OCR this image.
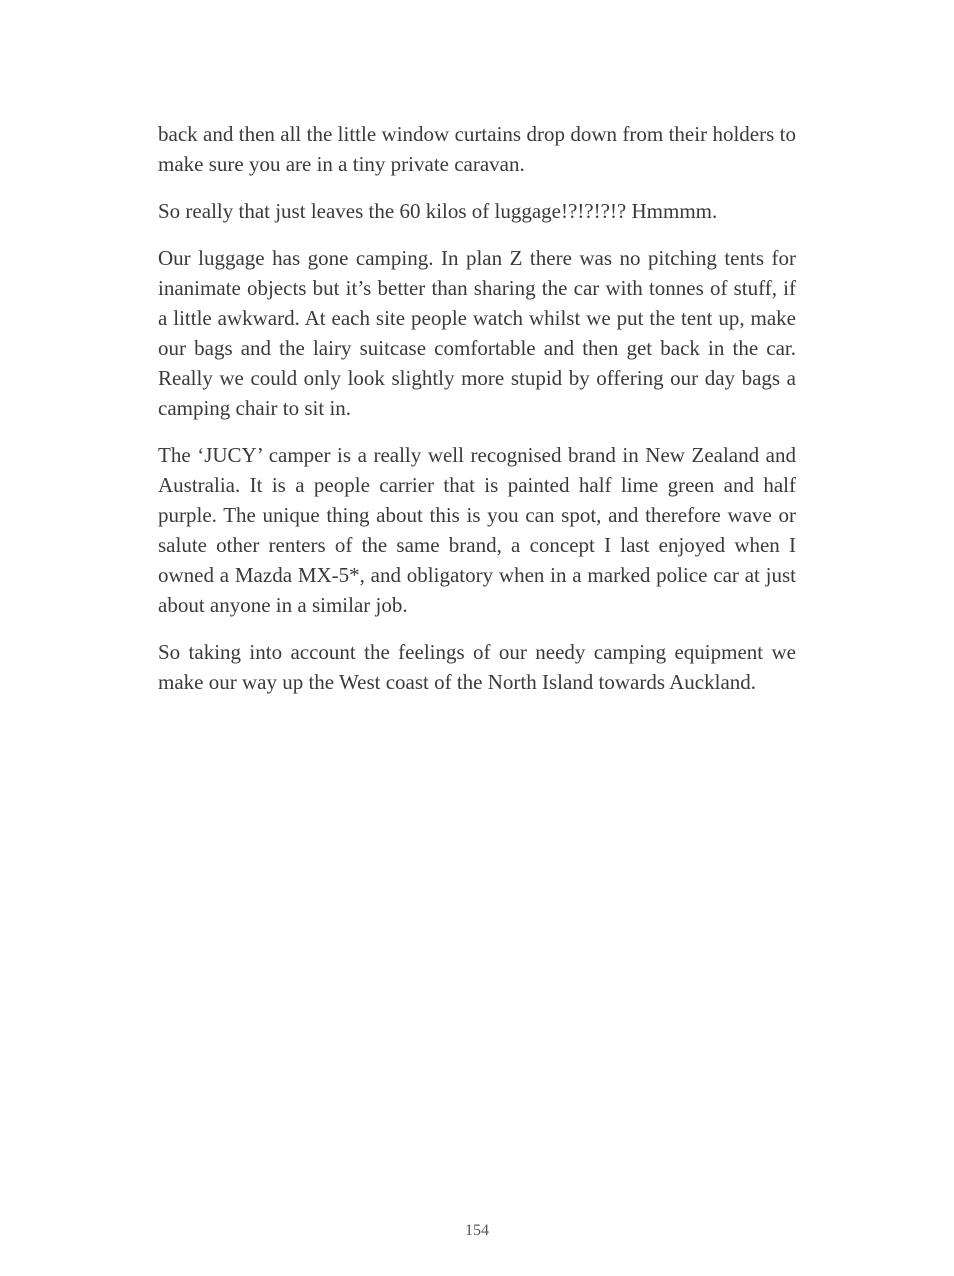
back and then all the little window curtains drop down from their holders to make sure you are in a tiny private caravan.

So really that just leaves the 60 kilos of luggage!?!?!?!? Hmmmm.

Our luggage has gone camping. In plan Z there was no pitching tents for inanimate objects but it’s better than sharing the car with tonnes of stuff, if a little awkward. At each site people watch whilst we put the tent up, make our bags and the lairy suitcase comfortable and then get back in the car. Really we could only look slightly more stupid by offering our day bags a camping chair to sit in.

The ‘JUCY’ camper is a really well recognised brand in New Zealand and Australia. It is a people carrier that is painted half lime green and half purple. The unique thing about this is you can spot, and therefore wave or salute other renters of the same brand, a concept I last enjoyed when I owned a Mazda MX-5*, and obligatory when in a marked police car at just about anyone in a similar job.

So taking into account the feelings of our needy camping equipment we make our way up the West coast of the North Island towards Auckland.

154
